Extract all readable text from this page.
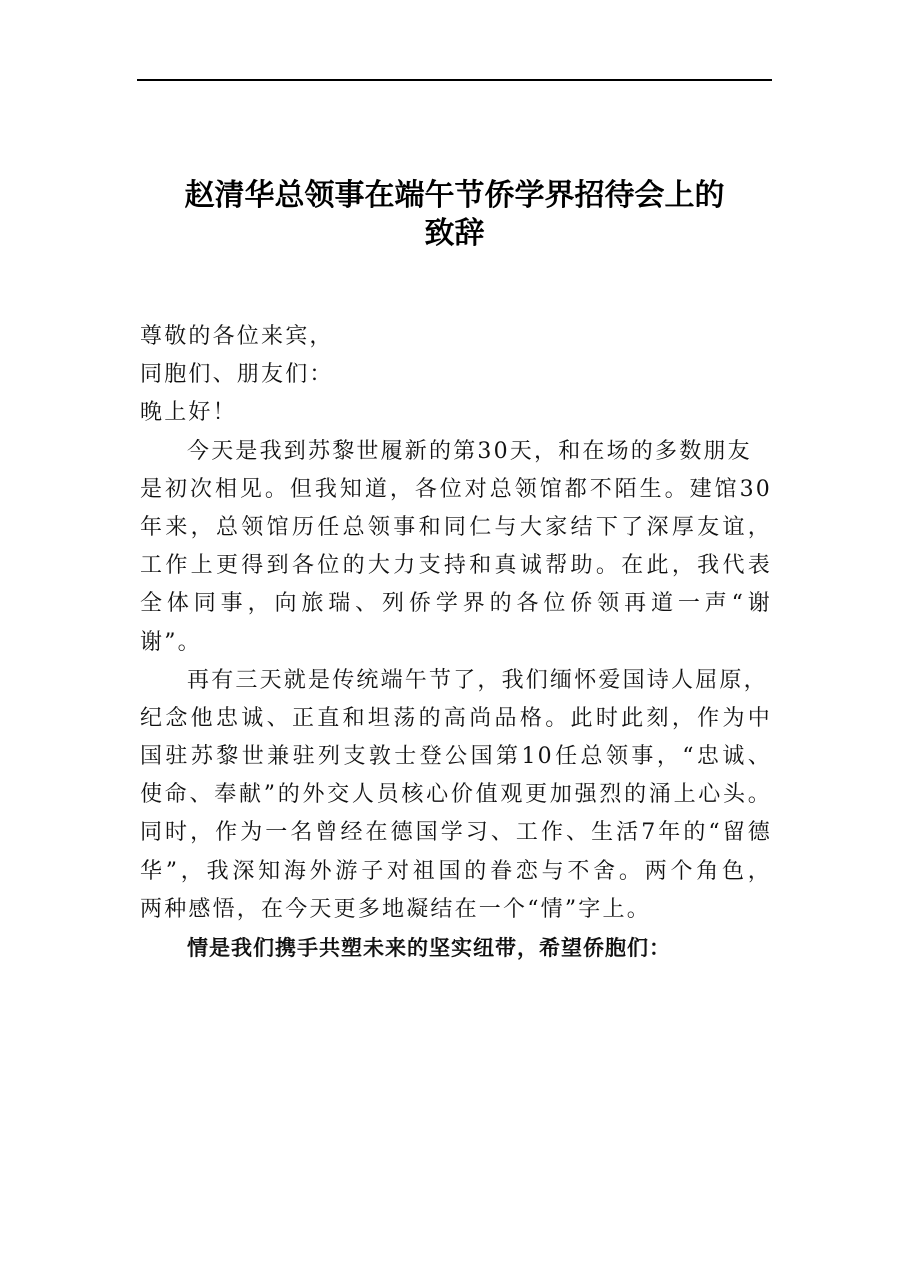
赵清华总领事在端午节侨学界招待会上的
致辞
尊敬的各位来宾，
同胞们、朋友们：
晚上好！
今天是我到苏黎世履新的第30天，和在场的多数朋友
是初次相见。但我知道，各位对总领馆都不陌生。建馆30
年来，总领馆历任总领事和同仁与大家结下了深厚友谊，
工作上更得到各位的大力支持和真诚帮助。在此，我代表
全体同事，向旅瑞、列侨学界的各位侨领再道一声“谢
谢”。
再有三天就是传统端午节了，我们缅怀爱国诗人屈原，
纪念他忠诚、正直和坦荡的高尚品格。此时此刻，作为中
国驻苏黎世兼驻列支敦士登公国第10任总领事，“忠诚、
使命、奉献”的外交人员核心价值观更加强烈的涌上心头。
同时，作为一名曾经在德国学习、工作、生活7年的“留德
华”，我深知海外游子对祖国的眷恋与不舍。两个角色，
两种感悟，在今天更多地凝结在一个“情”字上。
情是我们携手共塑未来的坚实纽带，希望侨胞们：
